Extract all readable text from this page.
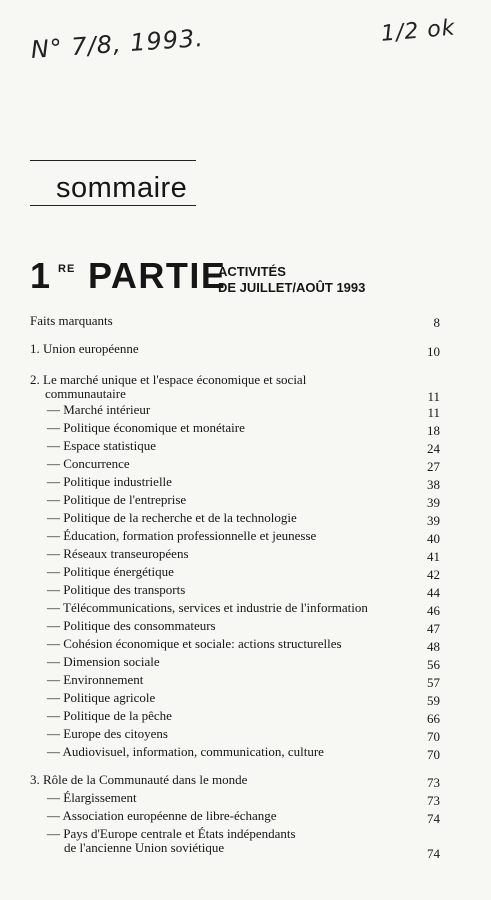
N° 7/8, 1993.	1/2 ok
sommaire
1 RE PARTIE
ACTIVITÉS
DE JUILLET/AOÛT 1993
Faits marquants	8
1. Union européenne	10
2. Le marché unique et l'espace économique et social
communautaire	11
— Marché intérieur	11
— Politique économique et monétaire	18
— Espace statistique	24
— Concurrence	27
— Politique industrielle	38
— Politique de l'entreprise	39
— Politique de la recherche et de la technologie	39
— Éducation, formation professionnelle et jeunesse	40
— Réseaux transeuropéens	41
— Politique énergétique	42
— Politique des transports	44
— Télécommunications, services et industrie de l'information	46
— Politique des consommateurs	47
— Cohésion économique et sociale: actions structurelles	48
— Dimension sociale	56
— Environnement	57
— Politique agricole	59
— Politique de la pêche	66
— Europe des citoyens	70
— Audiovisuel, information, communication, culture	70
3. Rôle de la Communauté dans le monde	73
— Élargissement	73
— Association européenne de libre-échange	74
— Pays d'Europe centrale et États indépendants
de l'ancienne Union soviétique	74
